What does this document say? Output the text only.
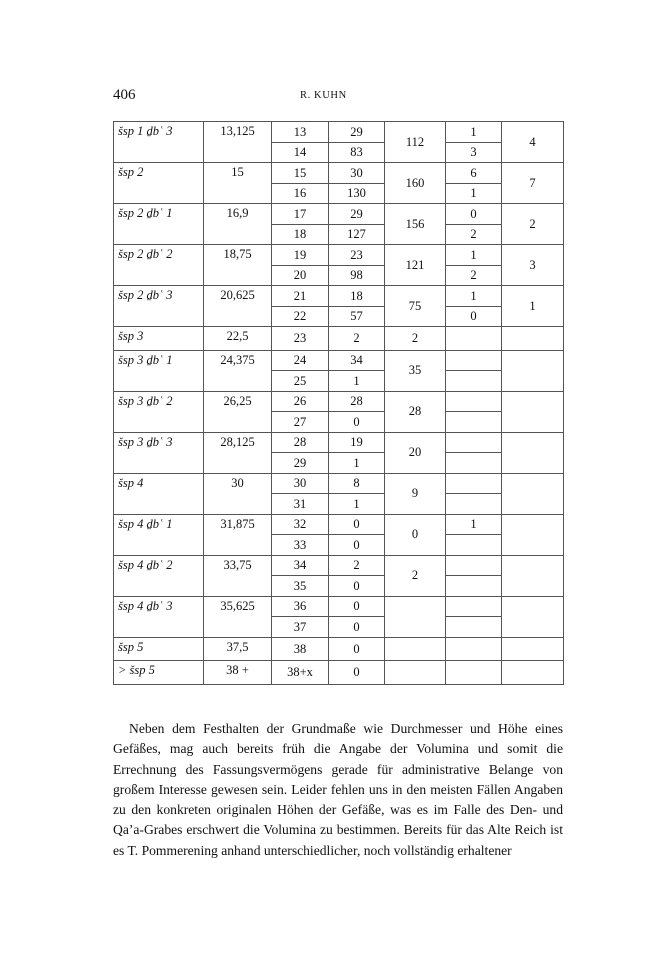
406	R. KUHN
šsp 1 ḏbʿ 3	13,125	13	29	112	1	4
		14	83		3	
šsp 2	15	15	30	160	6	7
		16	130		1	
šsp 2 ḏbʿ 1	16,9	17	29	156	0	2
		18	127		2	
šsp 2 ḏbʿ 2	18,75	19	23	121	1	3
		20	98		2	
šsp 2 ḏbʿ 3	20,625	21	18	75	1	1
		22	57		0	
šsp 3	22,5	23	2	2		
šsp 3 ḏbʿ 1	24,375	24	34	35		
		25	1			
šsp 3 ḏbʿ 2	26,25	26	28	28		
		27	0			
šsp 3 ḏbʿ 3	28,125	28	19	20		
		29	1			
šsp 4	30	30	8	9		
		31	1			
šsp 4 ḏbʿ 1	31,875	32	0	0	1	
		33	0			
šsp 4 ḏbʿ 2	33,75	34	2	2		
		35	0			
šsp 4 ḏbʿ 3	35,625	36	0			
		37	0			
šsp 5	37,5	38	0			
> šsp 5	38 +	38+x	0			

Neben dem Festhalten der Grundmaße wie Durchmesser und Höhe eines Gefäßes, mag auch bereits früh die Angabe der Volumina und somit die Errechnung des Fassungsvermögens gerade für administrative Belange von großem Interesse gewesen sein. Leider fehlen uns in den meisten Fällen Angaben zu den konkreten originalen Höhen der Gefäße, was es im Falle des Den- und Qa’a-Grabes erschwert die Volumina zu bestimmen. Bereits für das Alte Reich ist es T. Pommerening anhand unterschiedlicher, noch vollständig erhaltener
